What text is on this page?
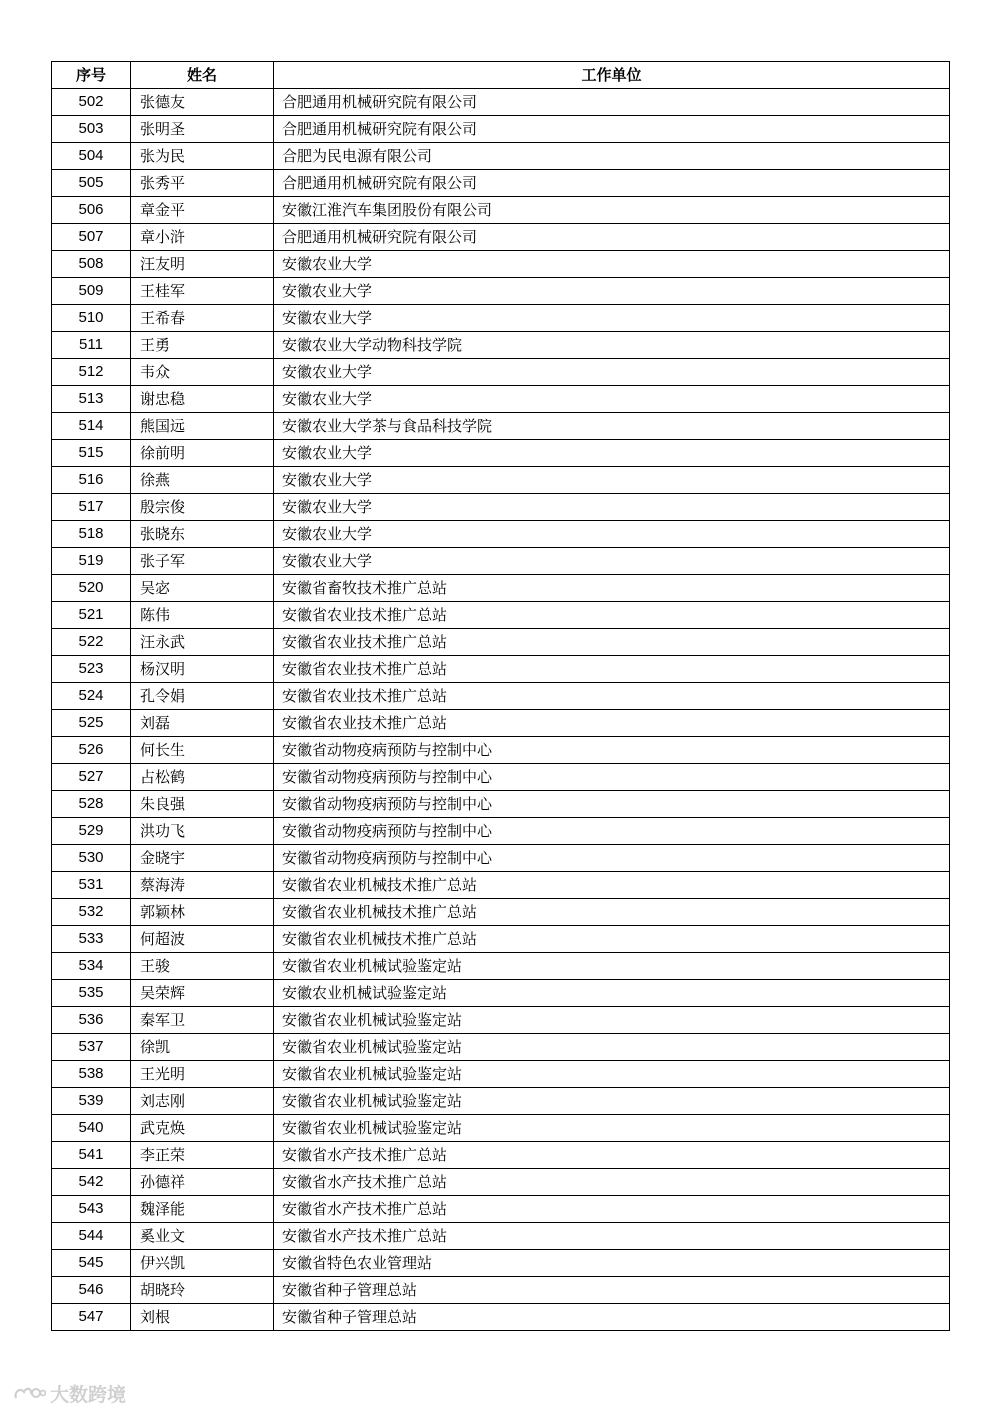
序号	姓名	工作单位
502	张德友	合肥通用机械研究院有限公司
503	张明圣	合肥通用机械研究院有限公司
504	张为民	合肥为民电源有限公司
505	张秀平	合肥通用机械研究院有限公司
506	章金平	安徽江淮汽车集团股份有限公司
507	章小浒	合肥通用机械研究院有限公司
508	汪友明	安徽农业大学
509	王桂军	安徽农业大学
510	王希春	安徽农业大学
511	王勇	安徽农业大学动物科技学院
512	韦众	安徽农业大学
513	谢忠稳	安徽农业大学
514	熊国远	安徽农业大学茶与食品科技学院
515	徐前明	安徽农业大学
516	徐燕	安徽农业大学
517	殷宗俊	安徽农业大学
518	张晓东	安徽农业大学
519	张子军	安徽农业大学
520	吴宓	安徽省畜牧技术推广总站
521	陈伟	安徽省农业技术推广总站
522	汪永武	安徽省农业技术推广总站
523	杨汉明	安徽省农业技术推广总站
524	孔令娟	安徽省农业技术推广总站
525	刘磊	安徽省农业技术推广总站
526	何长生	安徽省动物疫病预防与控制中心
527	占松鹤	安徽省动物疫病预防与控制中心
528	朱良强	安徽省动物疫病预防与控制中心
529	洪功飞	安徽省动物疫病预防与控制中心
530	金晓宇	安徽省动物疫病预防与控制中心
531	蔡海涛	安徽省农业机械技术推广总站
532	郭颖林	安徽省农业机械技术推广总站
533	何超波	安徽省农业机械技术推广总站
534	王骏	安徽省农业机械试验鉴定站
535	吴荣辉	安徽农业机械试验鉴定站
536	秦军卫	安徽省农业机械试验鉴定站
537	徐凯	安徽省农业机械试验鉴定站
538	王光明	安徽省农业机械试验鉴定站
539	刘志刚	安徽省农业机械试验鉴定站
540	武克焕	安徽省农业机械试验鉴定站
541	李正荣	安徽省水产技术推广总站
542	孙德祥	安徽省水产技术推广总站
543	魏泽能	安徽省水产技术推广总站
544	奚业文	安徽省水产技术推广总站
545	伊兴凯	安徽省特色农业管理站
546	胡晓玲	安徽省种子管理总站
547	刘根	安徽省种子管理总站
大数跨境
